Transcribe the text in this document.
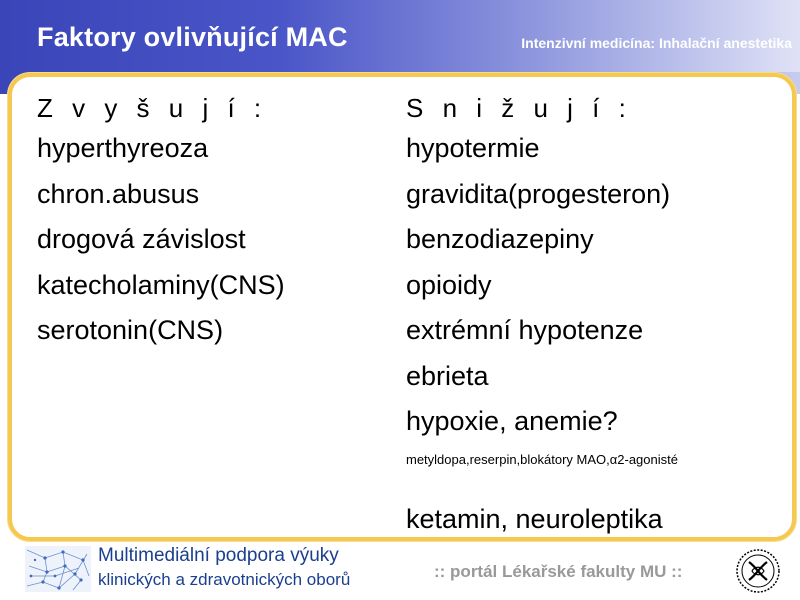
Faktory ovlivňující MAC	Intenzivní medicína: Inhalační anestetika
Z v y š u j í :
hyperthyreoza
chron.abusus
drogová závislost
katecholaminy(CNS)
serotonin(CNS)
S n i ž u j í :
hypotermie
gravidita(progesteron)
benzodiazepiny
opioidy
extrémní hypotenze
ebrieta
hypoxie, anemie?
metyldopa,reserpin,blokátory MAO,α2-agonisté
ketamin, neuroleptika
Multimediální podpora výuky
klinických a zdravotnických oborů	:: portál Lékařské fakulty MU ::
